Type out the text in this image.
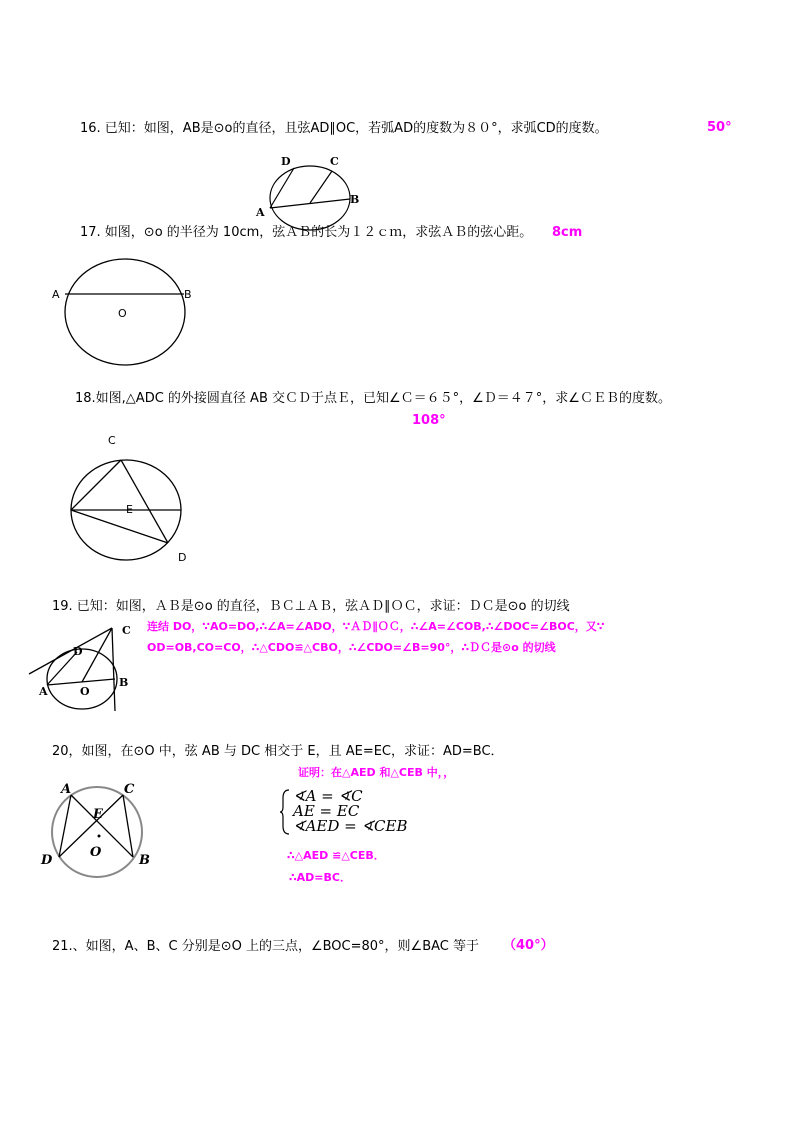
16. 已知：如图，AB是⊙o的直径，且弦AD∥OC，若弧AD的度数为８０°，求弧CD的度数。	50°
D	C
A
B
17. 如图，⊙o 的半径为 10cm，弦ＡＢ的长为１２ｃｍ，求弦ＡＢ的弦心距。 8cm
A	B
O
18.如图,△ADC 的外接圆直径 AB 交ＣＤ于点Ｅ，已知∠Ｃ＝６５°，∠Ｄ＝４７°，求∠ＣＥＢ的度数。
108°
C
E
D
19. 已知：如图，ＡＢ是⊙o 的直径，ＢＣ⊥ＡＢ，弦ＡＤ∥ＯＣ，求证：ＤＣ是⊙o 的切线
连结 DO，∵AO=DO,∴∠A=∠ADO，∵ＡＤ∥ＯＣ，∴∠A=∠COB,∴∠DOC=∠BOC，又∵
OD=OB,CO=CO，∴△CDO≌△CBO，∴∠CDO=∠B=90°，∴ＤＣ是⊙o 的切线
C
D
A	O
B
20，如图，在⊙O 中，弦 AB 与 DC 相交于 E，且 AE=EC，求证：AD=BC．
证明：在△AED 和△CEB 中，，
∢A = ∢C
AE = EC
∢AED = ∢CEB
∴△AED ≌△CEB．
∴AD=BC．
A	C
E
O
D	B
21.、如图，A、B、C 分别是⊙O 上的三点，∠BOC=80°，则∠BAC 等于 （40°）
